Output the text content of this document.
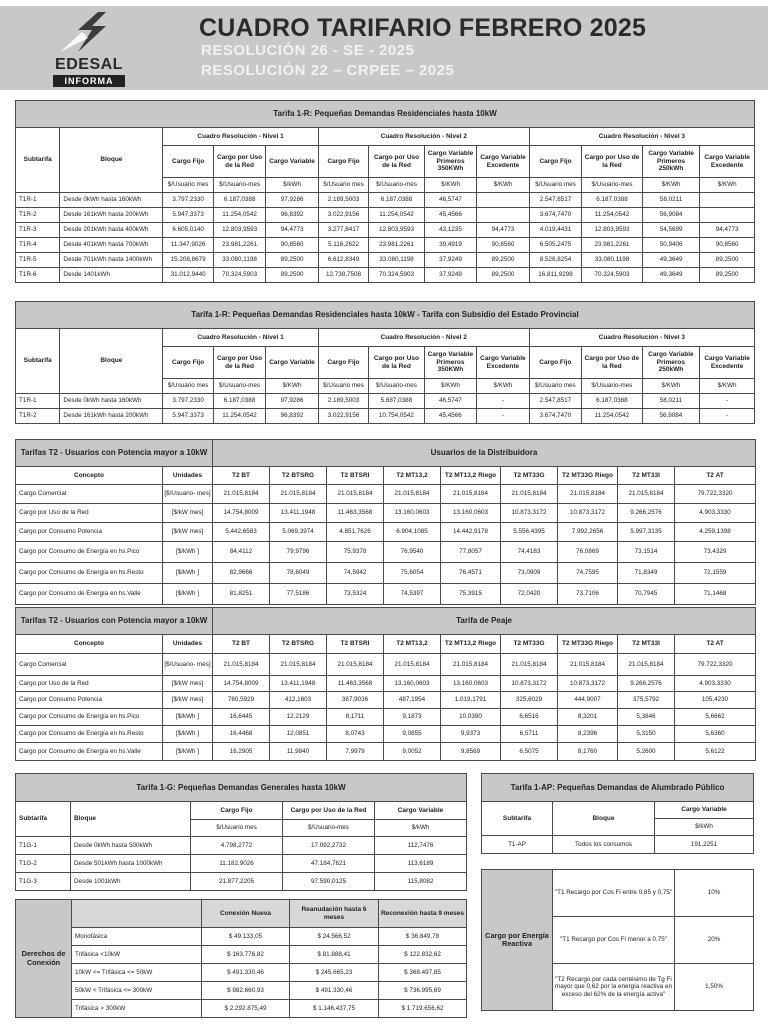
EDESAL
INFORMA
CUADRO TARIFARIO FEBRERO 2025
RESOLUCIÓN 26 - SE - 2025
RESOLUCIÓN 22 – CRPEE – 2025
Tarifa 1-R: Pequeñas Demandas Residenciales hasta 10kW												
Subtarifa	Bloque	Cuadro Resolución - Nivel 1			Cuadro Resolución - Nivel 2				Cuadro Resolución - Nivel 3			
		Cargo Fijo	Cargo por Uso de la Red	Cargo Variable	Cargo Fijo	Cargo por Uso de la Red	Cargo Variable Primeros 350KWh	Cargo Variable Excedente	Cargo Fijo	Cargo por Uso de la Red	Cargo Variable Primeros 250kWh	Cargo Variable Excedente
		$/Usuario mes	$/Usuario-mes	$/kWh	$/Usuario mes	$/Usuario-mes	$/KWh	$/KWh	$/Usuario mes	$/Usuario-mes	$/KWh	$/KWh
T1R-1	Desde 0kWh hasta 160kWh	3.797,2330	6.187,0388	97,9286	2.189,5003	6.187,0388	46,5747		2.547,8517	6.187,0388	58,0211	
T1R-2	Desde 161kWh hasta 200kWh	5.947,3373	11.254,0542	96,8392	3.022,9156	11.254,0542	45,4566		3.674,7470	11.254,0542	56,9084	
T1R-3	Desde 201kWh hasta 400kWh	6.605,0140	12.803,9593	94,4773	3.277,8417	12.803,9593	43,1235	94,4773	4.019,4431	12.803,9593	54,5699	94,4773
T1R-4	Desde 401kWh hasta 700kWh	11.347,9026	23.981,2261	90,8560	5.116,2622	23.981,2261	39,4919	90,8560	6.505,2475	23.981,2261	50,9406	90,8560
T1R-5	Desde 701kWh hasta 1400kWh	15.208,8679	33.080,1198	89,2500	6.612,8349	33.080,1198	37,9249	89,2500	8.528,8254	33.080,1198	49,3649	89,2500
T1R-6	Desde 1401kWh	31.012,9440	70.324,5903	89,2500	12.738,7508	70.324,5903	37,9249	89,2500	16.811,9298	70.324,5903	49,3649	89,2500
Tarifa 1-R: Pequeñas Demandas Residenciales hasta 10kW - Tarifa con Subsidio del Estado Provincial												
Subtarifa	Bloque	Cuadro Resolución - Nivel 1			Cuadro Resolución - Nivel 2				Cuadro Resolución - Nivel 3			
		Cargo Fijo	Cargo por Uso de la Red	Cargo Variable	Cargo Fijo	Cargo por Uso de la Red	Cargo Variable Primeros 350KWh	Cargo Variable Excedente	Cargo Fijo	Cargo por Uso de la Red	Cargo Variable Primeros 250kWh	Cargo Variable Excedente
		$/Usuario mes	$/Usuario-mes	$/KWh	$/Usuario mes	$/Usuario-mes	$/KWh	$/KWh	$/Usuario mes	$/Usuario-mes	$/KWh	$/KWh
T1R-1	Desde 0kWh hasta 160kWh	3.797,2330	6.187,0388	97,9286	2.189,5003	5.687,0388	46,5747	-	2.547,8517	6.187,0388	58,0211	-
T1R-2	Desde 161kWh hasta 200kWh	5.947,3373	11.254,0542	96,8392	3.022,9156	10.754,0542	45,4566	-	3.674,7470	11.254,0542	56,9084	-
Tarifas T2 - Usuarios con Potencia mayor a 10kW		Usuarios de la Distribuidora								
Concepto	Unidades	T2 BT	T2 BTSRG	T2 BTSRI	T2 MT13,2	T2 MT13,2 Riego	T2 MT33G	T2 MT33G Riego	T2 MT33I	T2 AT
Cargo Comercial	[$/Usuario- mes]	21.015,8184	21.015,8184	21.015,8184	21.015,8184	21.015,8184	21.015,8184	21.015,8184	21.015,8184	79.722,3320
Cargo por Uso de la Red	[$/kW mes]	14.754,8009	13.411,1948	11.463,3568	13.160,0603	13.160,0603	10.873,3172	10.873,3172	9.266,2576	4.903,3330
Cargo por Consumo Potencia	[$/kW mes]	5.442,6583	5.069,3974	4.851,7626	6.904,1085	14.442,9178	5.556,4395	7.992,2656	5.997,3135	4.259,1398
Cargo por Consumo de Energía en hs.Pico	[$/kWh ]	84,4112	79,9796	75,9378	76,9540	77,8057	74,4183	76,0869	73,1514	73,4329
Cargo por Consumo de Energía en hs.Resto	[$/kWh ]	82,9666	78,6049	74,5942	75,6054	76,4571	73,0909	74,7595	71,8349	72,1559
Cargo por Consumo de Energía en hs.Valle	[$/kWh ]	81,8251	77,5186	73,5324	74,5397	75,3915	72,0420	73,7106	70,7945	71,1468
Tarifas T2 - Usuarios con Potencia mayor a 10kW		Tarifa de Peaje								
Concepto	Unidades	T2 BT	T2 BTSRG	T2 BTSRI	T2 MT13,2	T2 MT13,2 Riego	T2 MT33G	T2 MT33G Riego	T2 MT33I	T2 AT
Cargo Comercial	[$/Usuario- mes]	21.015,8184	21.015,8184	21.015,8184	21.015,8184	21.015,8184	21.015,8184	21.015,8184	21.015,8184	79.722,3320
Cargo por Uso de la Red	[$/kW mes]	14.754,8009	13.411,1948	11.463,3568	13.160,0603	13.160,0603	10.873,3172	10.873,3172	9.266,2576	4.903,3330
Cargo por Consumo Potencia	[$/kW mes]	780,5929	412,1603	387,9036	487,1954	1.019,1791	325,6029	444,9007	375,5792	105,4230
Cargo por Consumo de Energía en hs.Pico	[$/kWh ]	16,6445	12,2129	8,1711	9,1873	10,0390	6,6516	8,3201	5,3846	5,6662
Cargo por Consumo de Energía en hs.Resto	[$/kWh ]	16,4468	12,0851	8,0743	9,0855	9,9373	6,5711	8,2396	5,3150	5,6360
Cargo por Consumo de Energía en hs.Valle	[$/kWh ]	16,2905	11,9840	7,9979	9,0052	9,8569	6,5075	8,1760	5,2600	5,6122
Tarifa 1-G: Pequeñas Demandas Generales hasta 10kW				
Subtarifa	Bloque	Cargo Fijo	Cargo por Uso de la Red	Cargo Variable
		$/Usuario mes	$/Usuario-mes	$/kWh
T1G-1	Desde 0kWh hasta 500kWh	4.798,2772	17.092,2732	112,7476
T1G-2	Desde 501kWh hasta 1000kWh	11.182,9026	47.184,7621	113,6189
T1G-3	Desde 1001kWh	21.877,2205	97.590,0125	115,8082
Tarifa 1-AP: Pequeñas Demandas de Alumbrado Público		
Subtarifa	Bloque	Cargo Variable
		$/kWh
T1-AP	Todos los consumos	191,2251
Derechos de Conexión		Conexión Nueva	Reanudación hasta 6 meses	Reconexión hasta 9 meses
	Monofásica	$ 49.133,05	$ 24.566,52	$ 36.849,78
	Trifásica <10kW	$ 163.776,82	$ 81.888,41	$ 122.832,62
	10kW <= Trifásica <= 50kW	$ 491.330,46	$ 245.665,23	$ 368.497,85
	50kW < Trifásica <= 300kW	$ 982.660,93	$ 491.330,46	$ 736.995,69
	Trifásica > 300kW	$ 2.292.875,49	$ 1.146.437,75	$ 1.719.656,62
Cargo por Energía Reactiva	"T1 Recargo por Cos Fi entre 0,85 y 0,75"	10%
	"T1 Recargo por Cos Fi menor a 0,75"	20%
	"T2 Recargo por cada centésimo de Tg Fi mayor que 0,62 por la energía reactiva en exceso del 62% de la energía activa"	1,50%
